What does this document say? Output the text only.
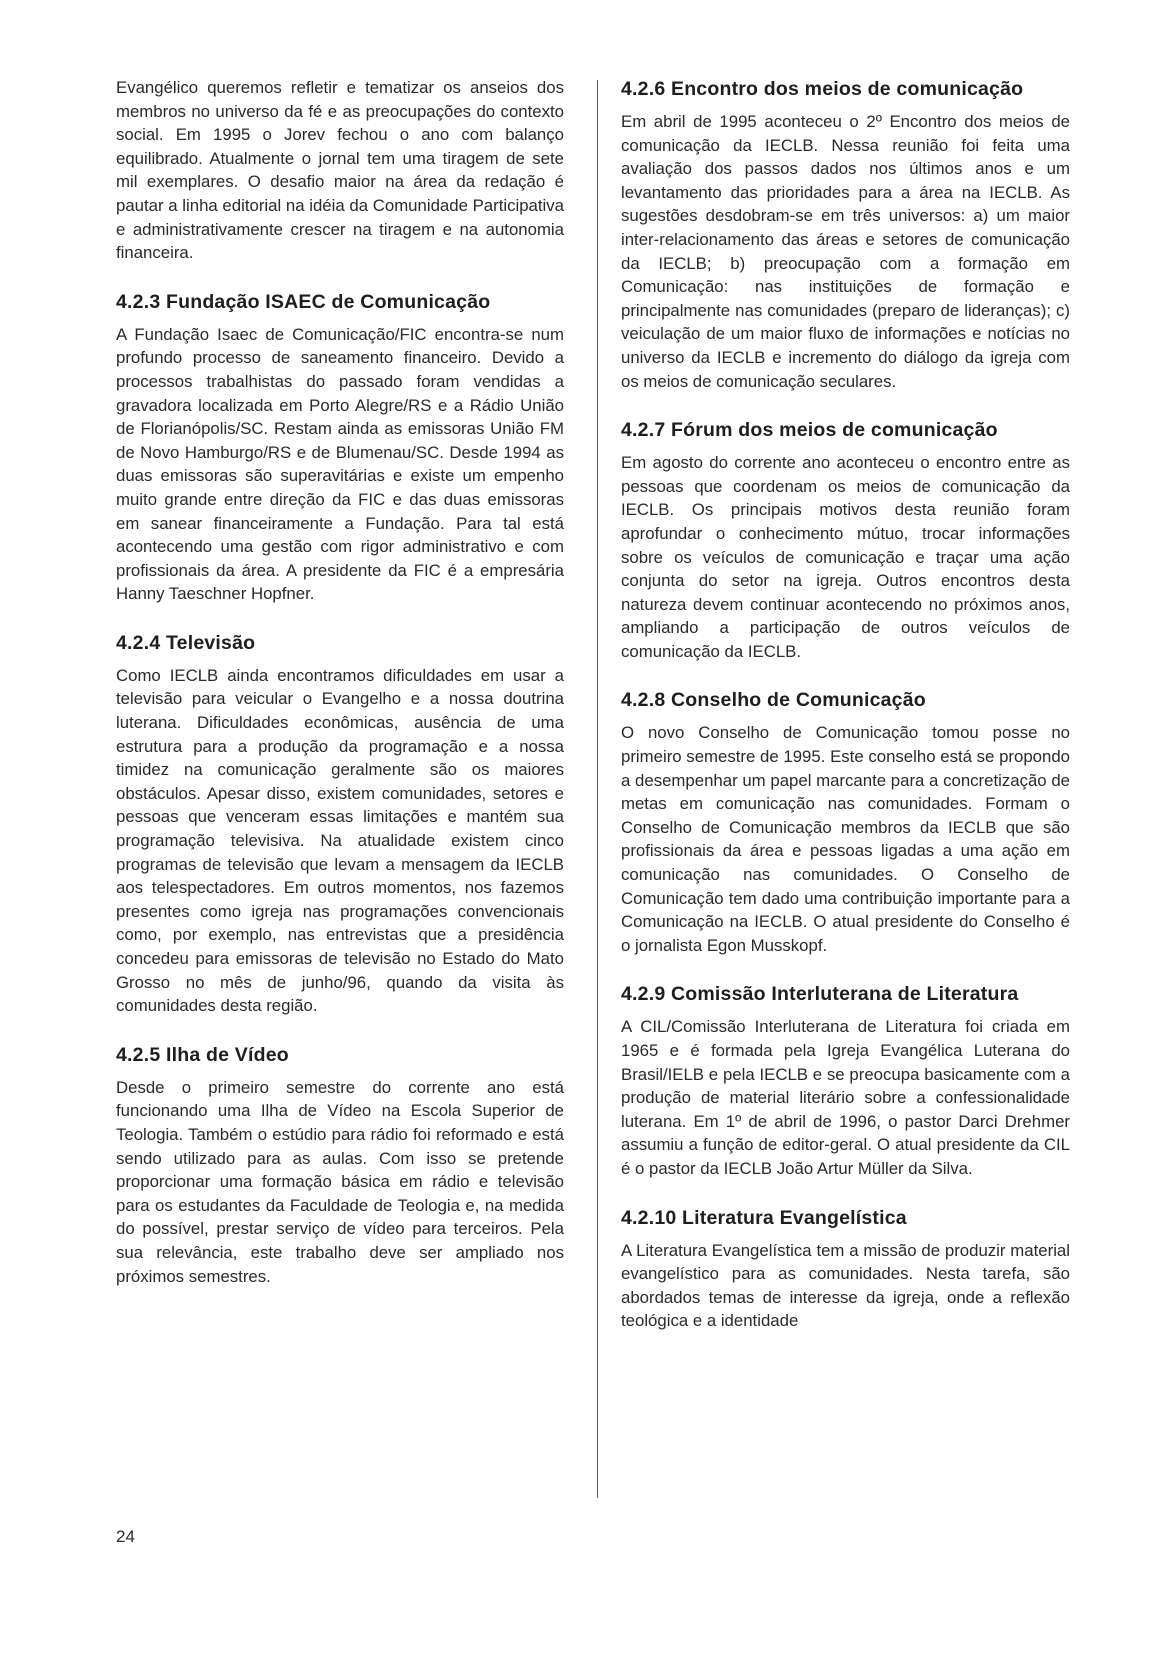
Evangélico queremos refletir e tematizar os anseios dos membros no universo da fé e as preocupações do contexto social. Em 1995 o Jorev fechou o ano com balanço equilibrado. Atualmente o jornal tem uma tiragem de sete mil exemplares. O desafio maior na área da redação é pautar a linha editorial na idéia da Comunidade Participativa e administrativamente crescer na tiragem e na autonomia financeira.

4.2.3 Fundação ISAEC de Comunicação

A Fundação Isaec de Comunicação/FIC encontra-se num profundo processo de saneamento financeiro. Devido a processos trabalhistas do passado foram vendidas a gravadora localizada em Porto Alegre/RS e a Rádio União de Florianópolis/SC. Restam ainda as emissoras União FM de Novo Hamburgo/RS e de Blumenau/SC. Desde 1994 as duas emissoras são superavitárias e existe um empenho muito grande entre direção da FIC e das duas emissoras em sanear financeiramente a Fundação. Para tal está acontecendo uma gestão com rigor administrativo e com profissionais da área. A presidente da FIC é a empresária Hanny Taeschner Hopfner.

4.2.4 Televisão

Como IECLB ainda encontramos dificuldades em usar a televisão para veicular o Evangelho e a nossa doutrina luterana. Dificuldades econômicas, ausência de uma estrutura para a produção da programação e a nossa timidez na comunicação geralmente são os maiores obstáculos. Apesar disso, existem comunidades, setores e pessoas que venceram essas limitações e mantém sua programação televisiva. Na atualidade existem cinco programas de televisão que levam a mensagem da IECLB aos telespectadores. Em outros momentos, nos fazemos presentes como igreja nas programações convencionais como, por exemplo, nas entrevistas que a presidência concedeu para emissoras de televisão no Estado do Mato Grosso no mês de junho/96, quando da visita às comunidades desta região.

4.2.5 Ilha de Vídeo

Desde o primeiro semestre do corrente ano está funcionando uma Ilha de Vídeo na Escola Superior de Teologia. Também o estúdio para rádio foi reformado e está sendo utilizado para as aulas. Com isso se pretende proporcionar uma formação básica em rádio e televisão para os estudantes da Faculdade de Teologia e, na medida do possível, prestar serviço de vídeo para terceiros. Pela sua relevância, este trabalho deve ser ampliado nos próximos semestres.

4.2.6 Encontro dos meios de comunicação

Em abril de 1995 aconteceu o 2º Encontro dos meios de comunicação da IECLB. Nessa reunião foi feita uma avaliação dos passos dados nos últimos anos e um levantamento das prioridades para a área na IECLB. As sugestões desdobram-se em três universos: a) um maior inter-relacionamento das áreas e setores de comunicação da IECLB; b) preocupação com a formação em Comunicação: nas instituições de formação e principalmente nas comunidades (preparo de lideranças); c) veiculação de um maior fluxo de informações e notícias no universo da IECLB e incremento do diálogo da igreja com os meios de comunicação seculares.

4.2.7 Fórum dos meios de comunicação

Em agosto do corrente ano aconteceu o encontro entre as pessoas que coordenam os meios de comunicação da IECLB. Os principais motivos desta reunião foram aprofundar o conhecimento mútuo, trocar informações sobre os veículos de comunicação e traçar uma ação conjunta do setor na igreja. Outros encontros desta natureza devem continuar acontecendo no próximos anos, ampliando a participação de outros veículos de comunicação da IECLB.

4.2.8 Conselho de Comunicação

O novo Conselho de Comunicação tomou posse no primeiro semestre de 1995. Este conselho está se propondo a desempenhar um papel marcante para a concretização de metas em comunicação nas comunidades. Formam o Conselho de Comunicação membros da IECLB que são profissionais da área e pessoas ligadas a uma ação em comunicação nas comunidades. O Conselho de Comunicação tem dado uma contribuição importante para a Comunicação na IECLB. O atual presidente do Conselho é o jornalista Egon Musskopf.

4.2.9 Comissão Interluterana de Literatura

A CIL/Comissão Interluterana de Literatura foi criada em 1965 e é formada pela Igreja Evangélica Luterana do Brasil/IELB e pela IECLB e se preocupa basicamente com a produção de material literário sobre a confessionalidade luterana. Em 1º de abril de 1996, o pastor Darci Drehmer assumiu a função de editor-geral. O atual presidente da CIL é o pastor da IECLB João Artur Müller da Silva.

4.2.10 Literatura Evangelística

A Literatura Evangelística tem a missão de produzir material evangelístico para as comunidades. Nesta tarefa, são abordados temas de interesse da igreja, onde a reflexão teológica e a identidade

24
